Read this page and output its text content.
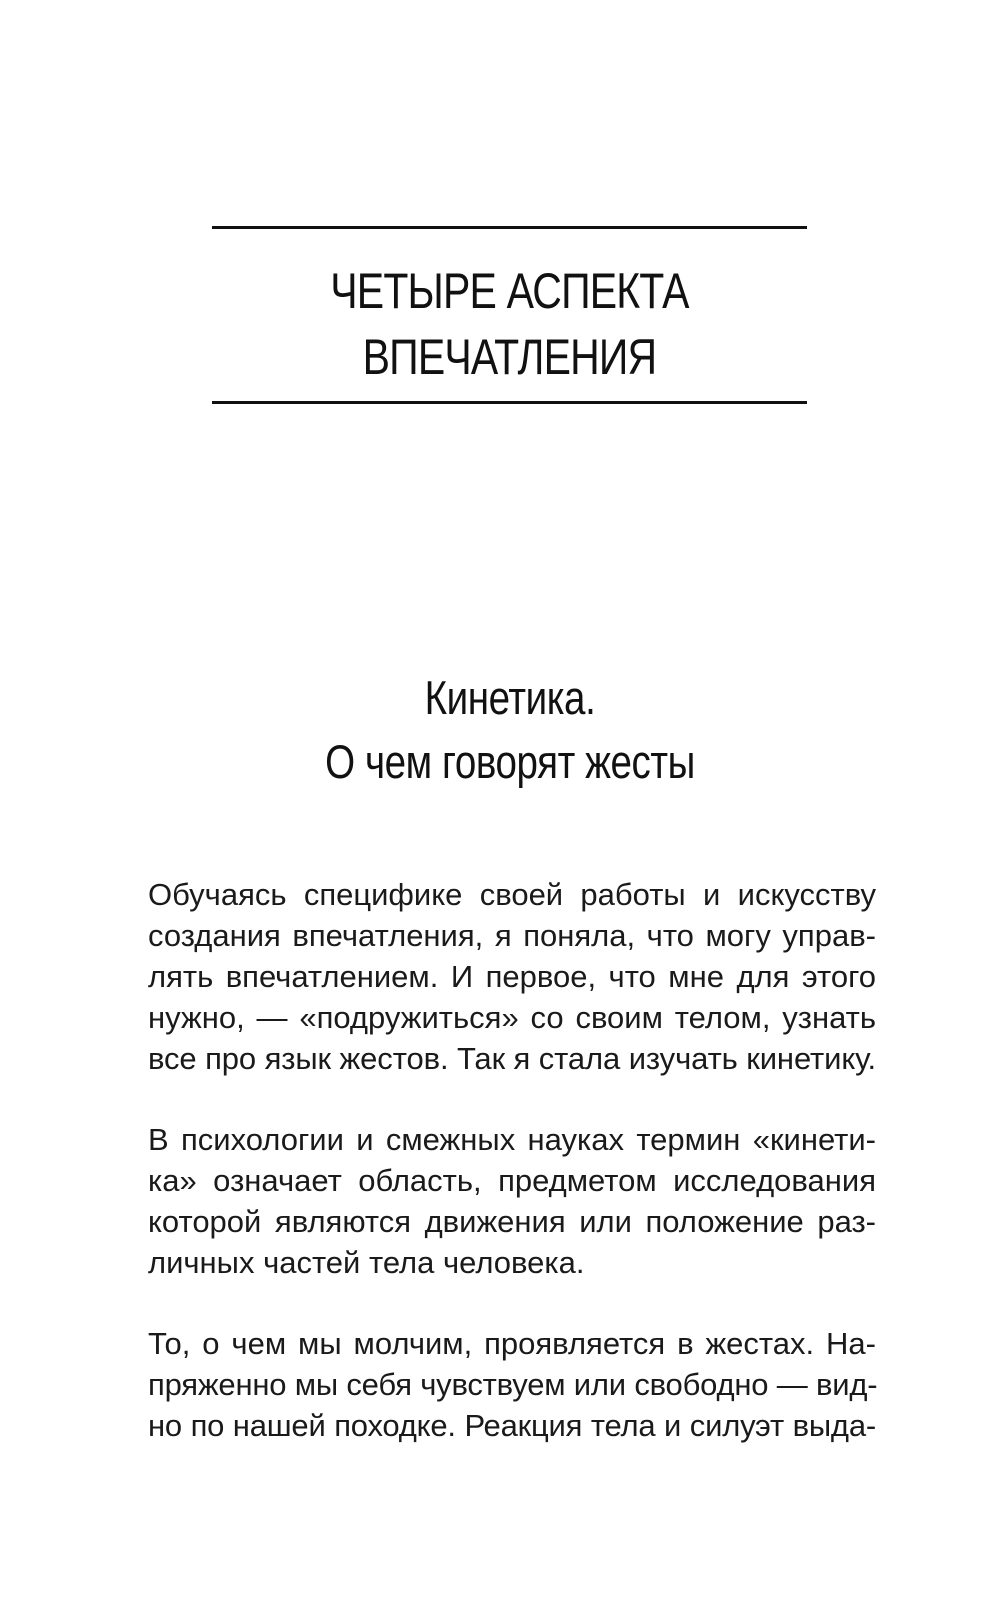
ЧЕТЫРЕ АСПЕКТА
ВПЕЧАТЛЕНИЯ
Кинетика.
О чем говорят жесты

Обучаясь специфике своей работы и искусству
создания впечатления, я поняла, что могу управ-
лять впечатлением. И первое, что мне для этого
нужно, — «подружиться» со своим телом, узнать
все про язык жестов. Так я стала изучать кинетику.

В психологии и смежных науках термин «кинети-
ка» означает область, предметом исследования
которой являются движения или положение раз-
личных частей тела человека.

То, о чем мы молчим, проявляется в жестах. На-
пряженно мы себя чувствуем или свободно — вид-
но по нашей походке. Реакция тела и силуэт выда-
